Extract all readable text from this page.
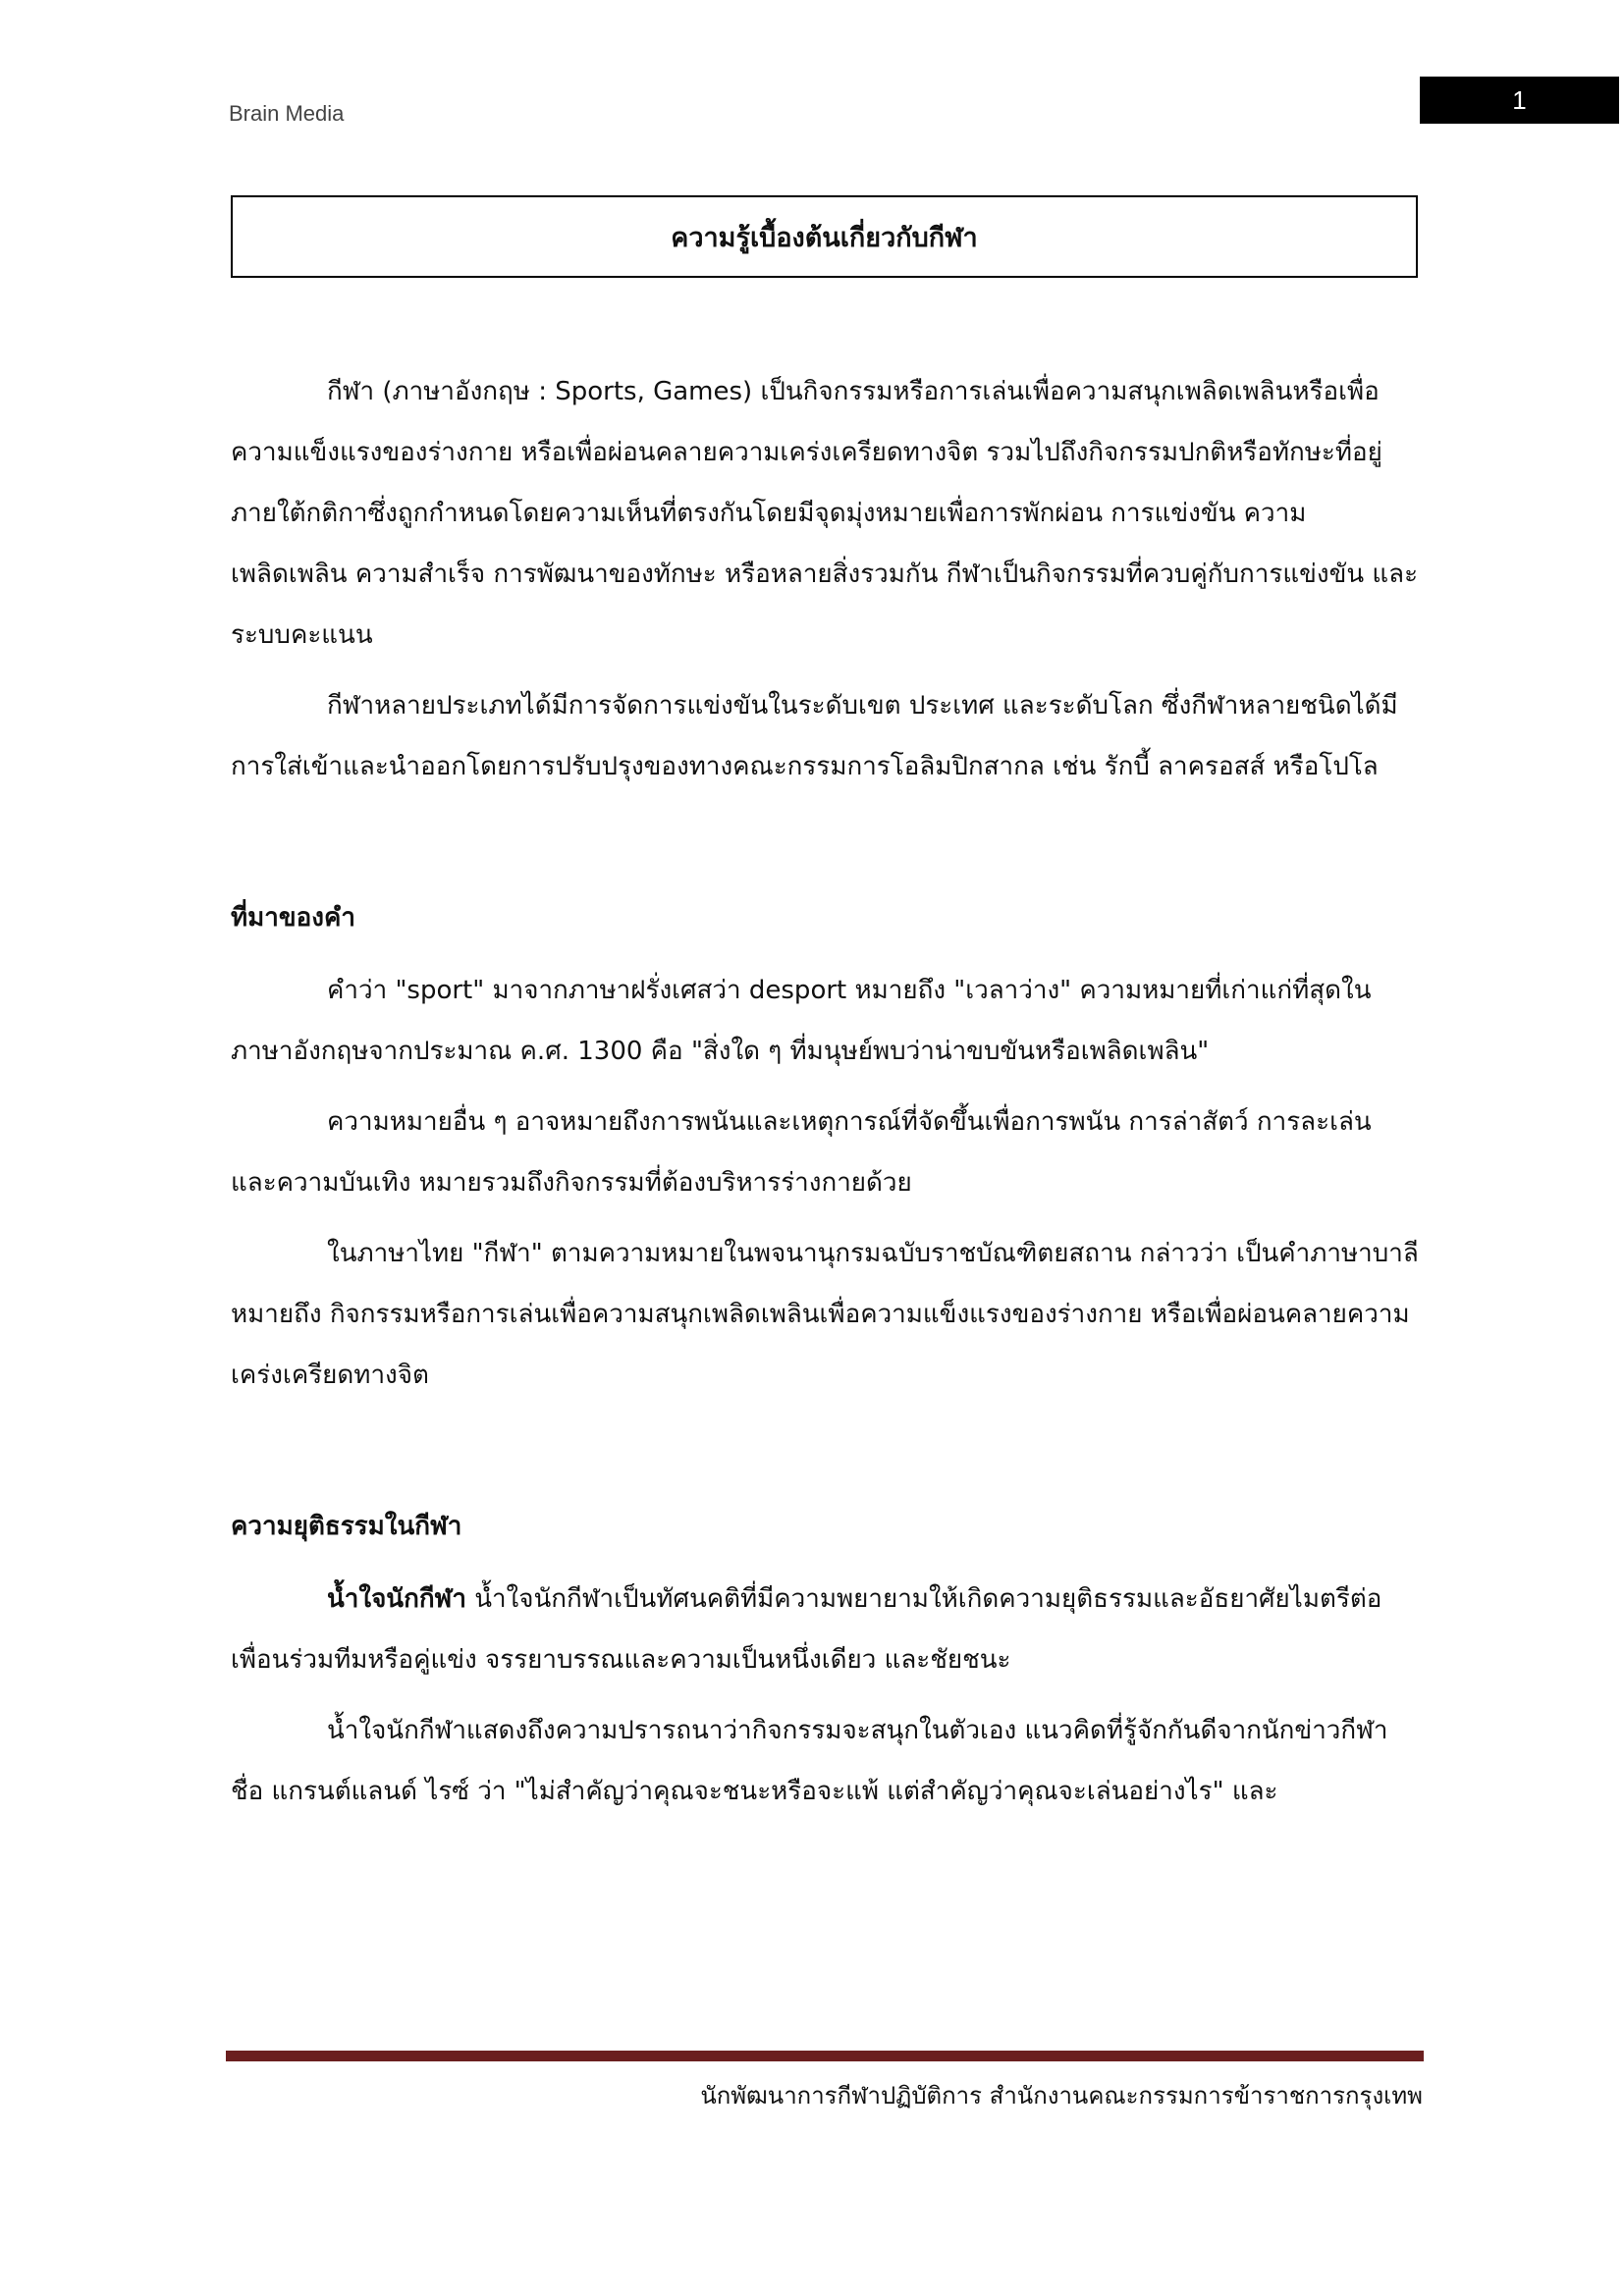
Brain Media	1
ความรู้เบื้องต้นเกี่ยวกับกีฬา

กีฬา (ภาษาอังกฤษ : Sports, Games) เป็นกิจกรรมหรือการเล่นเพื่อความสนุกเพลิดเพลินหรือเพื่อความแข็งแรงของร่างกาย หรือเพื่อผ่อนคลายความเคร่งเครียดทางจิต รวมไปถึงกิจกรรมปกติหรือทักษะที่อยู่ภายใต้กติกาซึ่งถูกกำหนดโดยความเห็นที่ตรงกันโดยมีจุดมุ่งหมายเพื่อการพักผ่อน การแข่งขัน ความเพลิดเพลิน ความสำเร็จ การพัฒนาของทักษะ หรือหลายสิ่งรวมกัน กีฬาเป็นกิจกรรมที่ควบคู่กับการแข่งขัน และระบบคะแนน

กีฬาหลายประเภทได้มีการจัดการแข่งขันในระดับเขต ประเทศ และระดับโลก ซึ่งกีฬาหลายชนิดได้มีการใส่เข้าและนำออกโดยการปรับปรุงของทางคณะกรรมการโอลิมปิกสากล เช่น รักบี้ ลาครอสส์ หรือโปโล

ที่มาของคำ

คำว่า "sport" มาจากภาษาฝรั่งเศสว่า desport หมายถึง "เวลาว่าง" ความหมายที่เก่าแก่ที่สุดในภาษาอังกฤษจากประมาณ ค.ศ. 1300 คือ "สิ่งใด ๆ ที่มนุษย์พบว่าน่าขบขันหรือเพลิดเพลิน"

ความหมายอื่น ๆ อาจหมายถึงการพนันและเหตุการณ์ที่จัดขึ้นเพื่อการพนัน การล่าสัตว์ การละเล่น และความบันเทิง หมายรวมถึงกิจกรรมที่ต้องบริหารร่างกายด้วย

ในภาษาไทย "กีฬา" ตามความหมายในพจนานุกรมฉบับราชบัณฑิตยสถาน กล่าวว่า เป็นคำภาษาบาลี หมายถึง กิจกรรมหรือการเล่นเพื่อความสนุกเพลิดเพลินเพื่อความแข็งแรงของร่างกาย หรือเพื่อผ่อนคลายความเคร่งเครียดทางจิต

ความยุติธรรมในกีฬา

น้ำใจนักกีฬา น้ำใจนักกีฬาเป็นทัศนคติที่มีความพยายามให้เกิดความยุติธรรมและอัธยาศัยไมตรีต่อเพื่อนร่วมทีมหรือคู่แข่ง จรรยาบรรณและความเป็นหนึ่งเดียว และชัยชนะ

น้ำใจนักกีฬาแสดงถึงความปรารถนาว่ากิจกรรมจะสนุกในตัวเอง แนวคิดที่รู้จักกันดีจากนักข่าวกีฬาชื่อ แกรนต์แลนด์ ไรซ์ ว่า "ไม่สำคัญว่าคุณจะชนะหรือจะแพ้ แต่สำคัญว่าคุณจะเล่นอย่างไร" และ

นักพัฒนาการกีฬาปฏิบัติการ สำนักงานคณะกรรมการข้าราชการกรุงเทพ
